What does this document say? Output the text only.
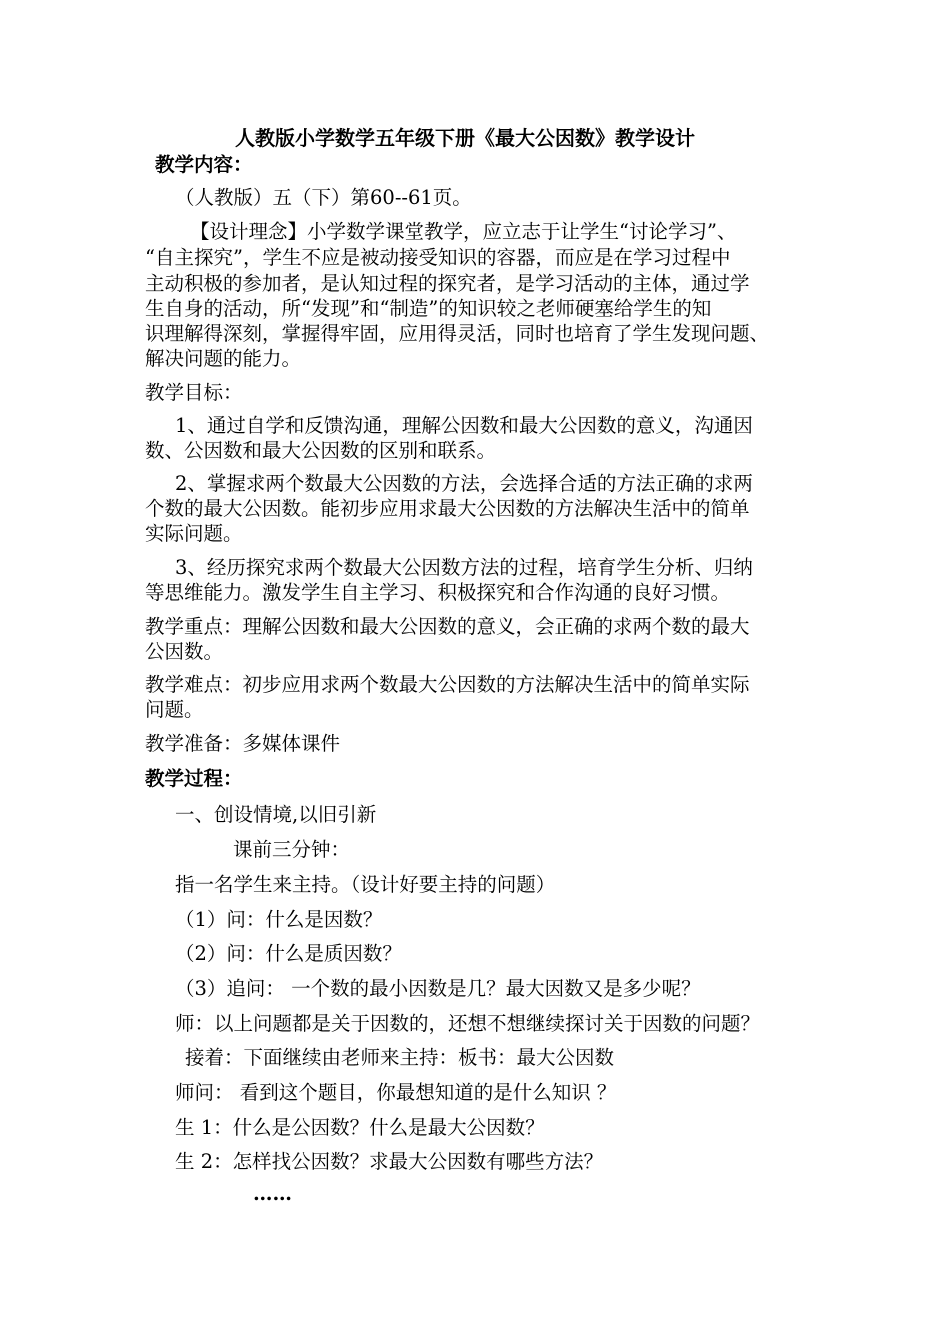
人教版小学数学五年级下册《最大公因数》教学设计
教学内容：
（人教版）五（下）第60--61页。
【设计理念】小学数学课堂教学，应立志于让学生“讨论学习”、
“自主探究”，学生不应是被动接受知识的容器，而应是在学习过程中
主动积极的参加者，是认知过程的探究者，是学习活动的主体，通过学
生自身的活动，所“发现”和“制造”的知识较之老师硬塞给学生的知
识理解得深刻，掌握得牢固，应用得灵活，同时也培育了学生发现问题、
解决问题的能力。
教学目标：
1、通过自学和反馈沟通，理解公因数和最大公因数的意义，沟通因
数、公因数和最大公因数的区别和联系。
2、掌握求两个数最大公因数的方法，会选择合适的方法正确的求两
个数的最大公因数。能初步应用求最大公因数的方法解决生活中的简单
实际问题。
3、经历探究求两个数最大公因数方法的过程，培育学生分析、归纳
等思维能力。激发学生自主学习、积极探究和合作沟通的良好习惯。
教学重点：理解公因数和最大公因数的意义，会正确的求两个数的最大
公因数。
教学难点：初步应用求两个数最大公因数的方法解决生活中的简单实际
问题。
教学准备：多媒体课件
教学过程：
一、创设情境,以旧引新
课前三分钟：
指一名学生来主持。（设计好要主持的问题）
（1）问：什么是因数？
（2）问：什么是质因数？
（3）追问： 一个数的最小因数是几？最大因数又是多少呢？
师：以上问题都是关于因数的，还想不想继续探讨关于因数的问题？
接着：下面继续由老师来主持：板书：最大公因数
师问： 看到这个题目，你最想知道的是什么知识 ？
生 1：什么是公因数？什么是最大公因数？
生 2：怎样找公因数？求最大公因数有哪些方法？
……
